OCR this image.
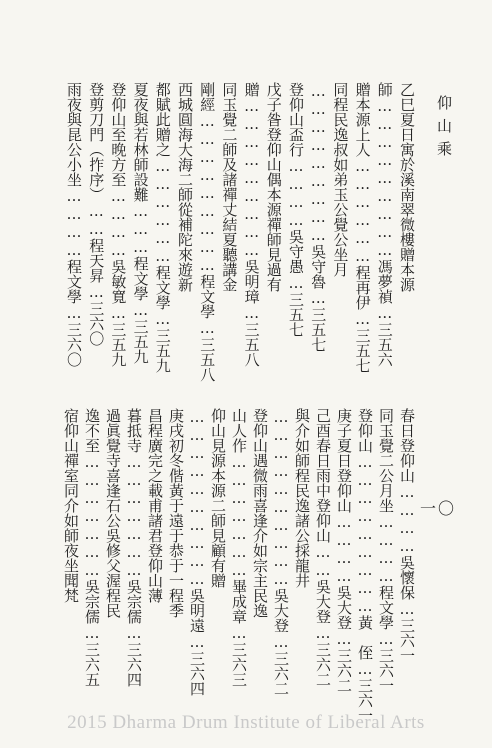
仰山乘
一〇
乙巳夏日寓於溪南翠微樓贈本源
師………………………馮夢禎…三五六
贈本源上人………………程再伊…三五七
同程民逸叔如弟玉公覺公坐月
………………………吳守魯…三五七
登仰山盃行…………吳守愚…三五七
戊子昝登仰山偶本源禪師見過有
贈………………………吳明璋…三五八
同玉覺二師及諸禪丈結夏聽講金
剛經………………………程文學…三五八
西城圓海大海二師從補陀來遊新
都賦此贈之………………程文學…三五九
夏夜與若林師設難………程文學…三五九
登仰山至晚方至…………吳敏寬…三五九
登剪刀門（拃序）……程天昇…三六〇
雨夜與昆公小坐…………程文學…三六〇
春日登仰山…………吳懷保…三六一
同玉覺二公月坐…………程文學…三六一
登仰山………………………黃　侄…三六一
庚子夏日登仰山…………吳大登…三六二
己酉春日雨中登仰山……吳大登…三六二
與介如師程民逸諸公採龍井
…………………………吳大登…三六二
登仰山遇微雨喜逢介如宗主民逸
山人作…………………畢成章…三六三
仰山見源本源二師見顧有贈
…………………………吳明遠…三六四
庚戌初冬偕黃于遠于恭于一程季
昌程廣完之載甫諸君登仰山薄
暮抵寺…………………吳宗儒…三六四
過眞覺寺喜逢石公吳修父渥程民
逸不至…………………吳宗儒…三六五
宿仰山禪室同介如師夜坐聞梵
2015 Dharma Drum Institute of Liberal Arts
